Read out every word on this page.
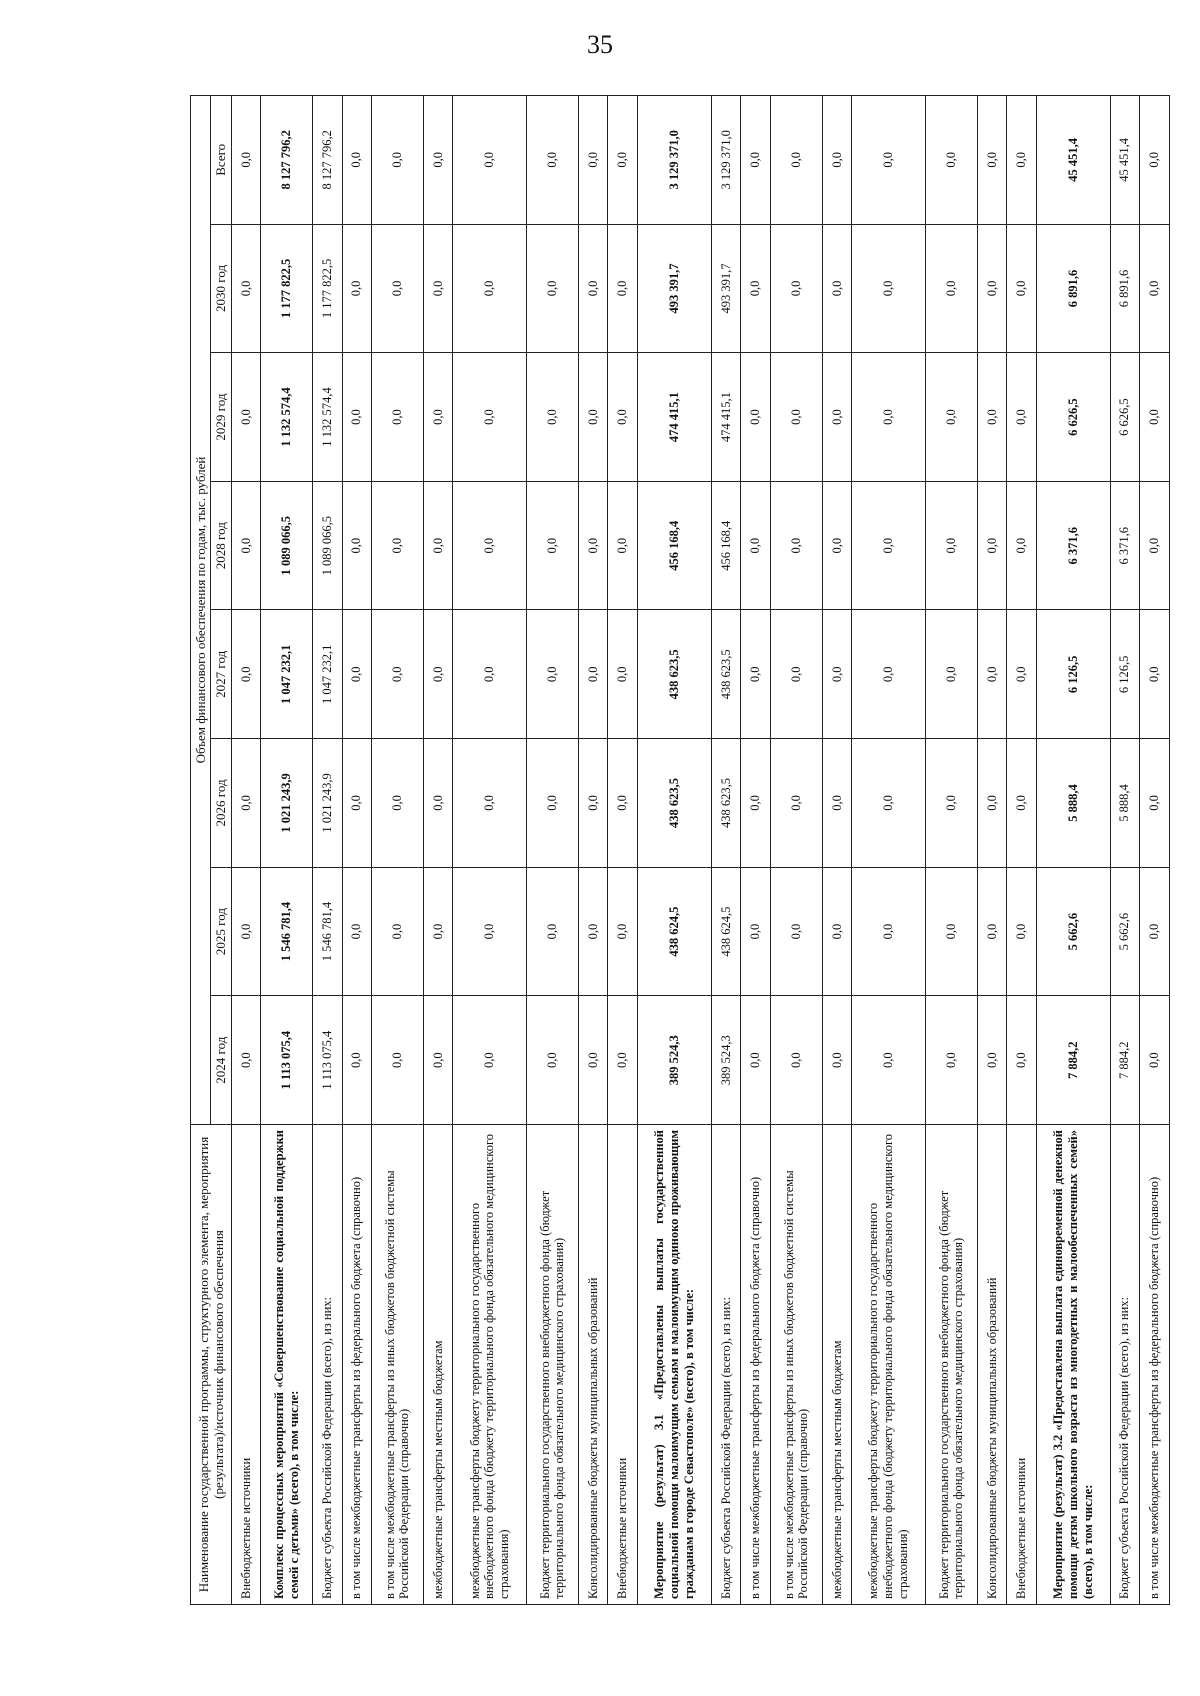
35
Наименование государственной программы, структурного элемента, мероприятия (результата)/источник финансового обеспечения	Объем финансового обеспечения по годам, тыс. рублей							
	2024 год	2025 год	2026 год	2027 год	2028 год	2029 год	2030 год	Всего
Внебюджетные источники	0,0	0,0	0,0	0,0	0,0	0,0	0,0	0,0
Комплекс процессных мероприятий «Совершенствование социальной поддержки семей с детьми» (всего), в том числе:	1 113 075,4	1 546 781,4	1 021 243,9	1 047 232,1	1 089 066,5	1 132 574,4	1 177 822,5	8 127 796,2
Бюджет субъекта Российской Федерации (всего), из них:	1 113 075,4	1 546 781,4	1 021 243,9	1 047 232,1	1 089 066,5	1 132 574,4	1 177 822,5	8 127 796,2
в том числе межбюджетные трансферты из федерального бюджета (справочно)	0,0	0,0	0,0	0,0	0,0	0,0	0,0	0,0
в том числе межбюджетные трансферты из иных бюджетов бюджетной системы Российской Федерации (справочно)	0,0	0,0	0,0	0,0	0,0	0,0	0,0	0,0
межбюджетные трансферты местным бюджетам	0,0	0,0	0,0	0,0	0,0	0,0	0,0	0,0
межбюджетные трансферты бюджету территориального государственного внебюджетного фонда (бюджету территориального фонда обязательного медицинского страхования)	0,0	0,0	0,0	0,0	0,0	0,0	0,0	0,0
Бюджет территориального государственного внебюджетного фонда (бюджет территориального фонда обязательного медицинского страхования)	0,0	0,0	0,0	0,0	0,0	0,0	0,0	0,0
Консолидированные бюджеты муниципальных образований	0,0	0,0	0,0	0,0	0,0	0,0	0,0	0,0
Внебюджетные источники	0,0	0,0	0,0	0,0	0,0	0,0	0,0	0,0
Мероприятие (результат) 3.1 «Предоставлены выплаты государственной социальной помощи малоимущим семьям и малоимущим одиноко проживающим гражданам в городе Севастополе» (всего), в том числе:	389 524,3	438 624,5	438 623,5	438 623,5	456 168,4	474 415,1	493 391,7	3 129 371,0
Бюджет субъекта Российской Федерации (всего), из них:	389 524,3	438 624,5	438 623,5	438 623,5	456 168,4	474 415,1	493 391,7	3 129 371,0
в том числе межбюджетные трансферты из федерального бюджета (справочно)	0,0	0,0	0,0	0,0	0,0	0,0	0,0	0,0
в том числе межбюджетные трансферты из иных бюджетов бюджетной системы Российской Федерации (справочно)	0,0	0,0	0,0	0,0	0,0	0,0	0,0	0,0
межбюджетные трансферты местным бюджетам	0,0	0,0	0,0	0,0	0,0	0,0	0,0	0,0
межбюджетные трансферты бюджету территориального государственного внебюджетного фонда (бюджету территориального фонда обязательного медицинского страхования)	0,0	0,0	0,0	0,0	0,0	0,0	0,0	0,0
Бюджет территориального государственного внебюджетного фонда (бюджет территориального фонда обязательного медицинского страхования)	0,0	0,0	0,0	0,0	0,0	0,0	0,0	0,0
Консолидированные бюджеты муниципальных образований	0,0	0,0	0,0	0,0	0,0	0,0	0,0	0,0
Внебюджетные источники	0,0	0,0	0,0	0,0	0,0	0,0	0,0	0,0
Мероприятие (результат) 3.2 «Предоставлена выплата единовременной денежной помощи детям школьного возраста из многодетных и малообеспеченных семей» (всего), в том числе:	7 884,2	5 662,6	5 888,4	6 126,5	6 371,6	6 626,5	6 891,6	45 451,4
Бюджет субъекта Российской Федерации (всего), из них:	7 884,2	5 662,6	5 888,4	6 126,5	6 371,6	6 626,5	6 891,6	45 451,4
в том числе межбюджетные трансферты из федерального бюджета (справочно)	0,0	0,0	0,0	0,0	0,0	0,0	0,0	0,0
